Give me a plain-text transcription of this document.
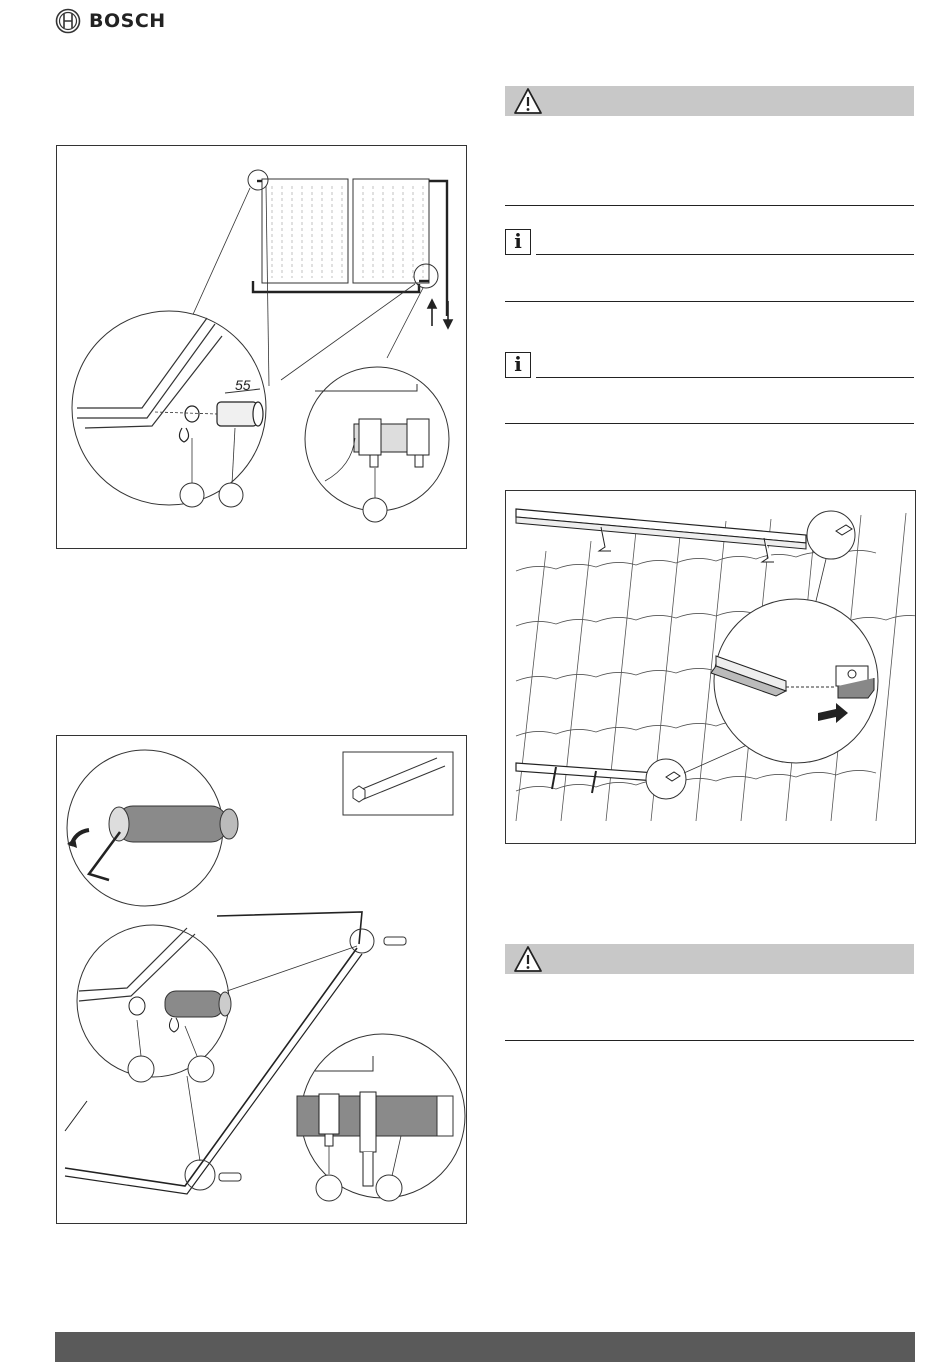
BOSCH
55
i
i
